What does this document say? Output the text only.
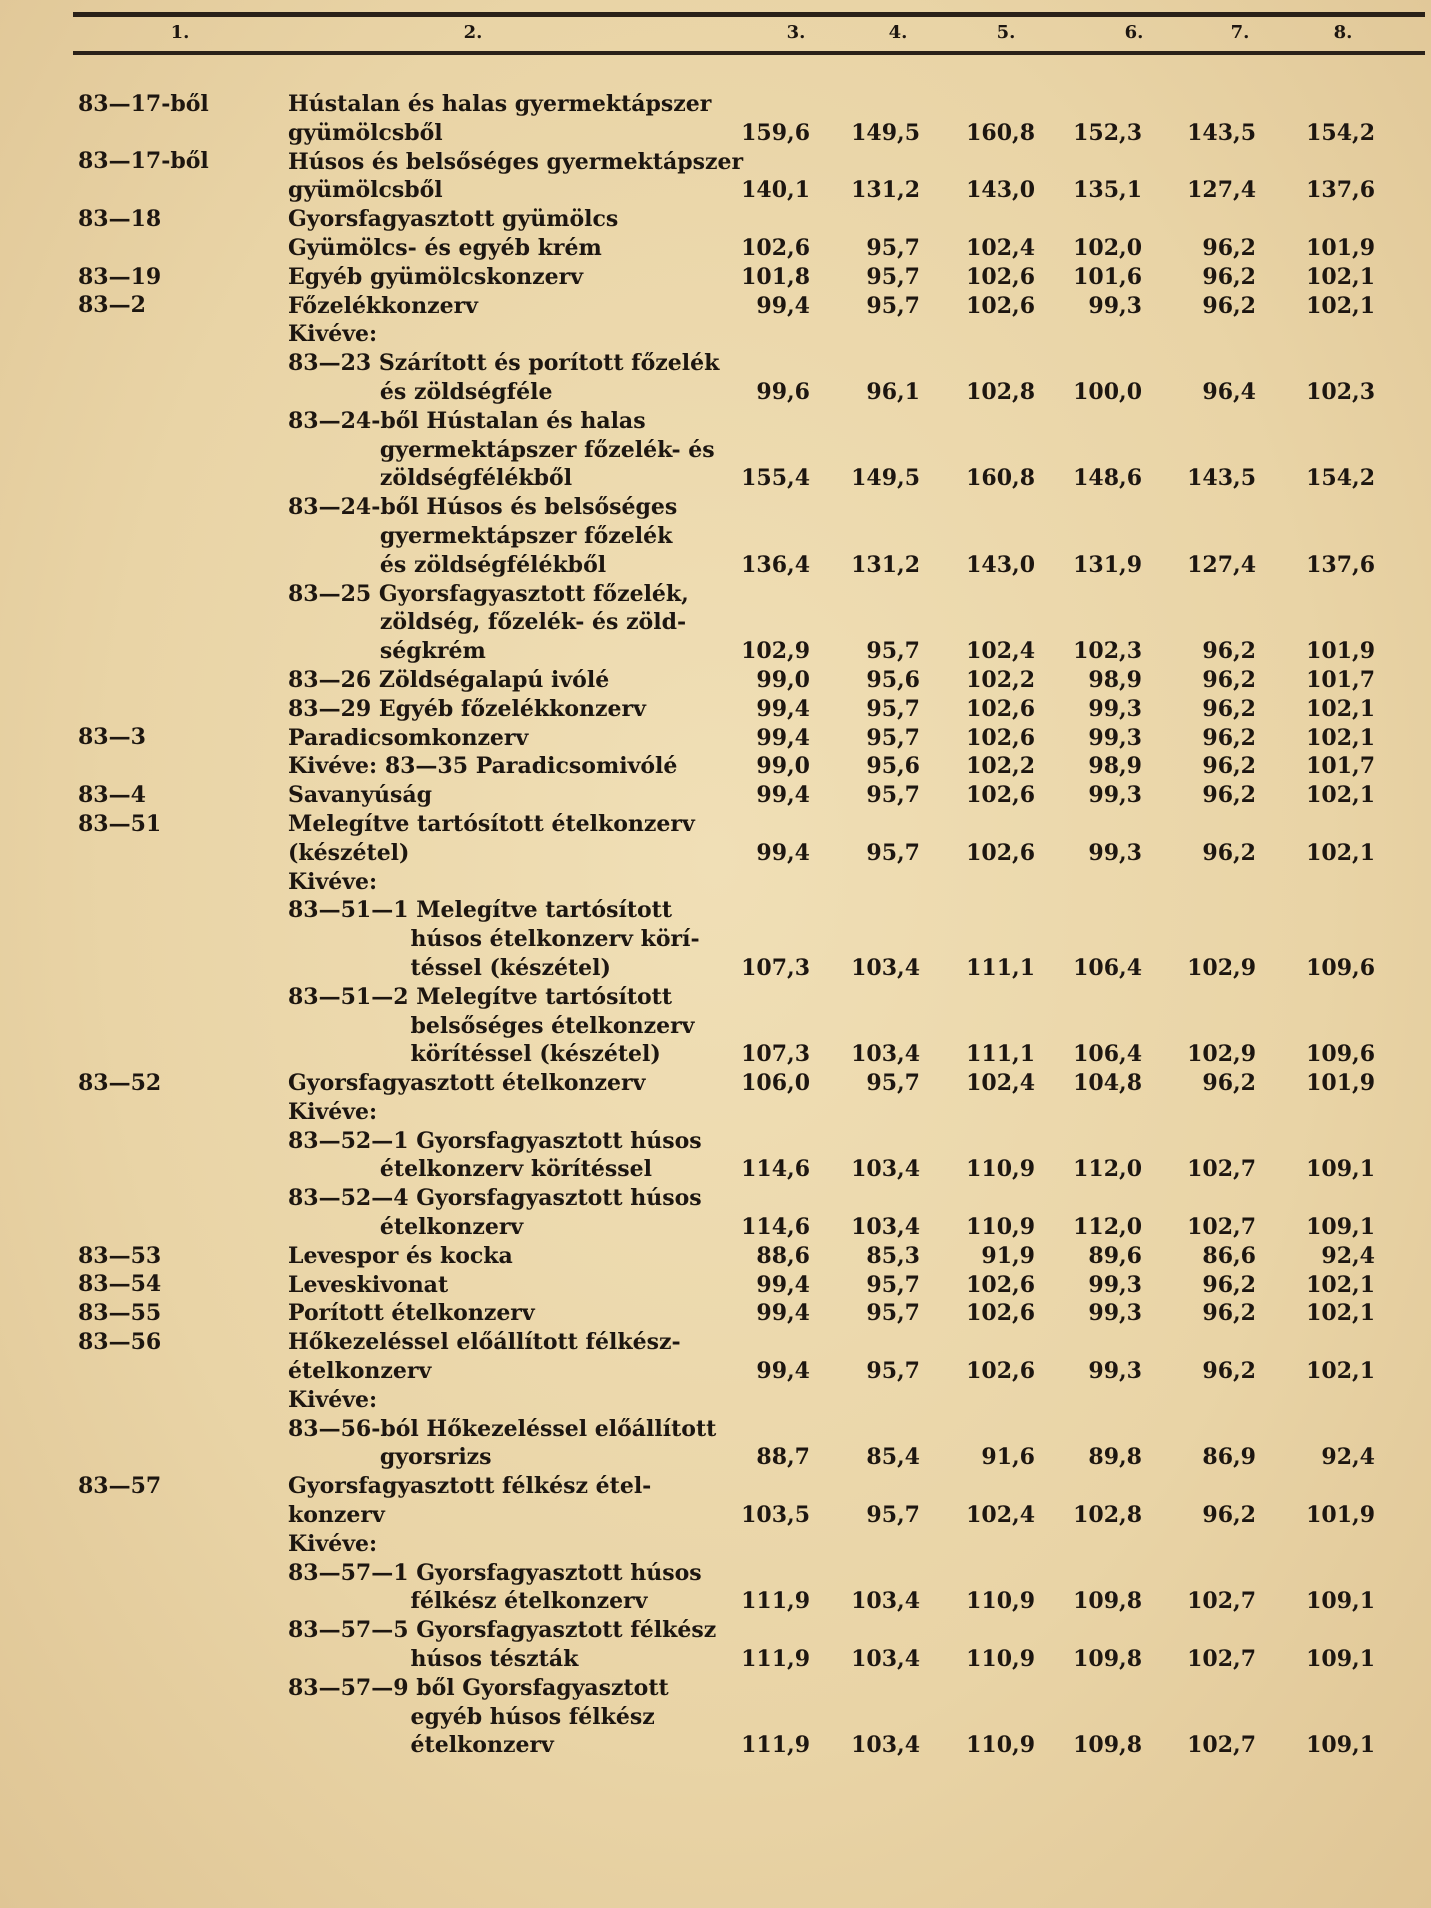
1.	2.	3.	4.	5.	6.	7.	8.
83—17-ből	Hústalan és halas gyermektápszer
gyümölcsből	159,6	149,5	160,8	152,3	143,5	154,2
83—17-ből	Húsos és belsőséges gyermektápszer
gyümölcsből	140,1	131,2	143,0	135,1	127,4	137,6
83—18	Gyorsfagyasztott gyümölcs
Gyümölcs- és egyéb krém	102,6	95,7	102,4	102,0	96,2	101,9
83—19	Egyéb gyümölcskonzerv	101,8	95,7	102,6	101,6	96,2	102,1
83—2	Főzelékkonzerv	99,4	95,7	102,6	99,3	96,2	102,1
Kivéve:
83—23 Szárított és porított főzelék
és zöldségféle	99,6	96,1	102,8	100,0	96,4	102,3
83—24-ből Hústalan és halas
gyermektápszer főzelék- és
zöldségfélékből	155,4	149,5	160,8	148,6	143,5	154,2
83—24-ből Húsos és belsőséges
gyermektápszer főzelék
és zöldségfélékből	136,4	131,2	143,0	131,9	127,4	137,6
83—25 Gyorsfagyasztott főzelék,
zöldség, főzelék- és zöld-
ségkrém	102,9	95,7	102,4	102,3	96,2	101,9
83—26 Zöldségalapú ivólé	99,0	95,6	102,2	98,9	96,2	101,7
83—29 Egyéb főzelékkonzerv	99,4	95,7	102,6	99,3	96,2	102,1
83—3	Paradicsomkonzerv	99,4	95,7	102,6	99,3	96,2	102,1
Kivéve: 83—35 Paradicsomivólé	99,0	95,6	102,2	98,9	96,2	101,7
83—4	Savanyúság	99,4	95,7	102,6	99,3	96,2	102,1
83—51	Melegítve tartósított ételkonzerv
(készétel)	99,4	95,7	102,6	99,3	96,2	102,1
Kivéve:
83—51—1 Melegítve tartósított
húsos ételkonzerv körí-
téssel (készétel)	107,3	103,4	111,1	106,4	102,9	109,6
83—51—2 Melegítve tartósított
belsőséges ételkonzerv
körítéssel (készétel)	107,3	103,4	111,1	106,4	102,9	109,6
83—52	Gyorsfagyasztott ételkonzerv	106,0	95,7	102,4	104,8	96,2	101,9
Kivéve:
83—52—1 Gyorsfagyasztott húsos
ételkonzerv körítéssel	114,6	103,4	110,9	112,0	102,7	109,1
83—52—4 Gyorsfagyasztott húsos
ételkonzerv	114,6	103,4	110,9	112,0	102,7	109,1
83—53	Levespor és kocka	88,6	85,3	91,9	89,6	86,6	92,4
83—54	Leveskivonat	99,4	95,7	102,6	99,3	96,2	102,1
83—55	Porított ételkonzerv	99,4	95,7	102,6	99,3	96,2	102,1
83—56	Hőkezeléssel előállított félkész-
ételkonzerv	99,4	95,7	102,6	99,3	96,2	102,1
Kivéve:
83—56-ból Hőkezeléssel előállított
gyorsrizs	88,7	85,4	91,6	89,8	86,9	92,4
83—57	Gyorsfagyasztott félkész étel-
konzerv	103,5	95,7	102,4	102,8	96,2	101,9
Kivéve:
83—57—1 Gyorsfagyasztott húsos
félkész ételkonzerv	111,9	103,4	110,9	109,8	102,7	109,1
83—57—5 Gyorsfagyasztott félkész
húsos tészták	111,9	103,4	110,9	109,8	102,7	109,1
83—57—9 ből Gyorsfagyasztott
egyéb húsos félkész
ételkonzerv	111,9	103,4	110,9	109,8	102,7	109,1
